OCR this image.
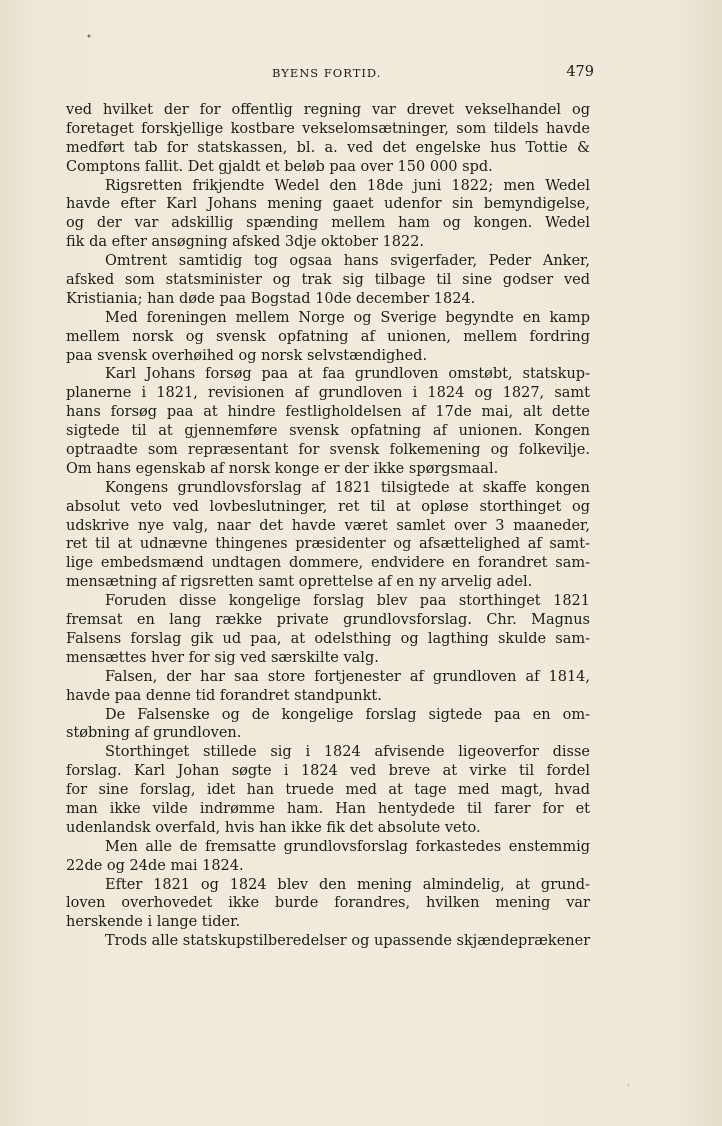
•
BYENS FORTID.	479
ved hvilket der for offentlig regning var drevet vekselhandel og
foretaget forskjellige kostbare vekselomsætninger, som tildels havde
medført tab for statskassen, bl. a. ved det engelske hus Tottie &
Comptons fallit. Det gjaldt et beløb paa over 150 000 spd.
Rigsretten frikjendte Wedel den 18de juni 1822; men Wedel
havde efter Karl Johans mening gaaet udenfor sin bemyndigelse,
og der var adskillig spænding mellem ham og kongen. Wedel
fik da efter ansøgning afsked 3dje oktober 1822.
Omtrent samtidig tog ogsaa hans svigerfader, Peder Anker,
afsked som statsminister og trak sig tilbage til sine godser ved
Kristiania; han døde paa Bogstad 10de december 1824.
Med foreningen mellem Norge og Sverige begyndte en kamp
mellem norsk og svensk opfatning af unionen, mellem fordring
paa svensk overhøihed og norsk selvstændighed.
Karl Johans forsøg paa at faa grundloven omstøbt, statskup-
planerne i 1821, revisionen af grundloven i 1824 og 1827, samt
hans forsøg paa at hindre festligholdelsen af 17de mai, alt dette
sigtede til at gjennemføre svensk opfatning af unionen. Kongen
optraadte som repræsentant for svensk folkemening og folkevilje.
Om hans egenskab af norsk konge er der ikke spørgsmaal.
Kongens grundlovsforslag af 1821 tilsigtede at skaffe kongen
absolut veto ved lovbeslutninger, ret til at opløse storthinget og
udskrive nye valg, naar det havde været samlet over 3 maaneder,
ret til at udnævne thingenes præsidenter og afsættelighed af samt-
lige embedsmænd undtagen dommere, endvidere en forandret sam-
mensætning af rigsretten samt oprettelse af en ny arvelig adel.
Foruden disse kongelige forslag blev paa storthinget 1821
fremsat en lang række private grundlovsforslag. Chr. Magnus
Falsens forslag gik ud paa, at odelsthing og lagthing skulde sam-
mensættes hver for sig ved særskilte valg.
Falsen, der har saa store fortjenester af grundloven af 1814,
havde paa denne tid forandret standpunkt.
De Falsenske og de kongelige forslag sigtede paa en om-
støbning af grundloven.
Storthinget stillede sig i 1824 afvisende ligeoverfor disse
forslag. Karl Johan søgte i 1824 ved breve at virke til fordel
for sine forslag, idet han truede med at tage med magt, hvad
man ikke vilde indrømme ham. Han hentydede til farer for et
udenlandsk overfald, hvis han ikke fik det absolute veto.
Men alle de fremsatte grundlovsforslag forkastedes enstemmig
22de og 24de mai 1824.
Efter 1821 og 1824 blev den mening almindelig, at grund-
loven overhovedet ikke burde forandres, hvilken mening var
herskende i lange tider.
Trods alle statskupstilberedelser og upassende skjændeprækener
˙
